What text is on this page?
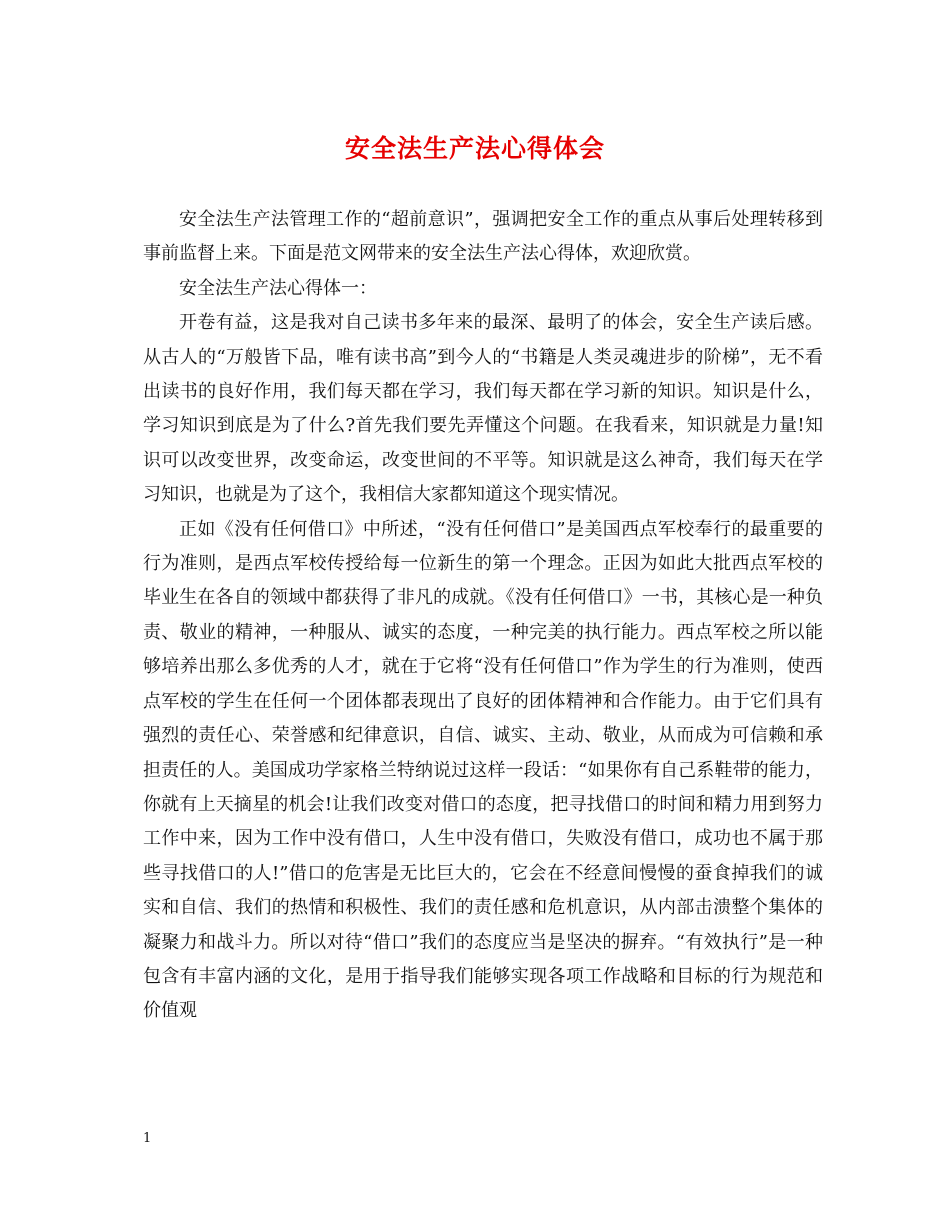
安全法生产法心得体会

安全法生产法管理工作的“超前意识”，强调把安全工作的重点从事后处理转移到事前监督上来。下面是范文网带来的安全法生产法心得体，欢迎欣赏。

安全法生产法心得体一：

开卷有益，这是我对自己读书多年来的最深、最明了的体会，安全生产读后感。从古人的“万般皆下品，唯有读书高”到今人的“书籍是人类灵魂进步的阶梯”，无不看出读书的良好作用，我们每天都在学习，我们每天都在学习新的知识。知识是什么，学习知识到底是为了什么?首先我们要先弄懂这个问题。在我看来，知识就是力量!知识可以改变世界，改变命运，改变世间的不平等。知识就是这么神奇，我们每天在学习知识，也就是为了这个，我相信大家都知道这个现实情况。

正如《没有任何借口》中所述，“没有任何借口”是美国西点军校奉行的最重要的行为准则，是西点军校传授给每一位新生的第一个理念。正因为如此大批西点军校的毕业生在各自的领域中都获得了非凡的成就。《没有任何借口》一书，其核心是一种负责、敬业的精神，一种服从、诚实的态度，一种完美的执行能力。西点军校之所以能够培养出那么多优秀的人才，就在于它将“没有任何借口”作为学生的行为准则，使西点军校的学生在任何一个团体都表现出了良好的团体精神和合作能力。由于它们具有强烈的责任心、荣誉感和纪律意识，自信、诚实、主动、敬业，从而成为可信赖和承担责任的人。美国成功学家格兰特纳说过这样一段话：“如果你有自己系鞋带的能力，你就有上天摘星的机会!让我们改变对借口的态度，把寻找借口的时间和精力用到努力工作中来，因为工作中没有借口，人生中没有借口，失败没有借口，成功也不属于那些寻找借口的人!”借口的危害是无比巨大的，它会在不经意间慢慢的蚕食掉我们的诚实和自信、我们的热情和积极性、我们的责任感和危机意识，从内部击溃整个集体的凝聚力和战斗力。所以对待“借口”我们的态度应当是坚决的摒弃。“有效执行”是一种包含有丰富内涵的文化，是用于指导我们能够实现各项工作战略和目标的行为规范和价值观

1
